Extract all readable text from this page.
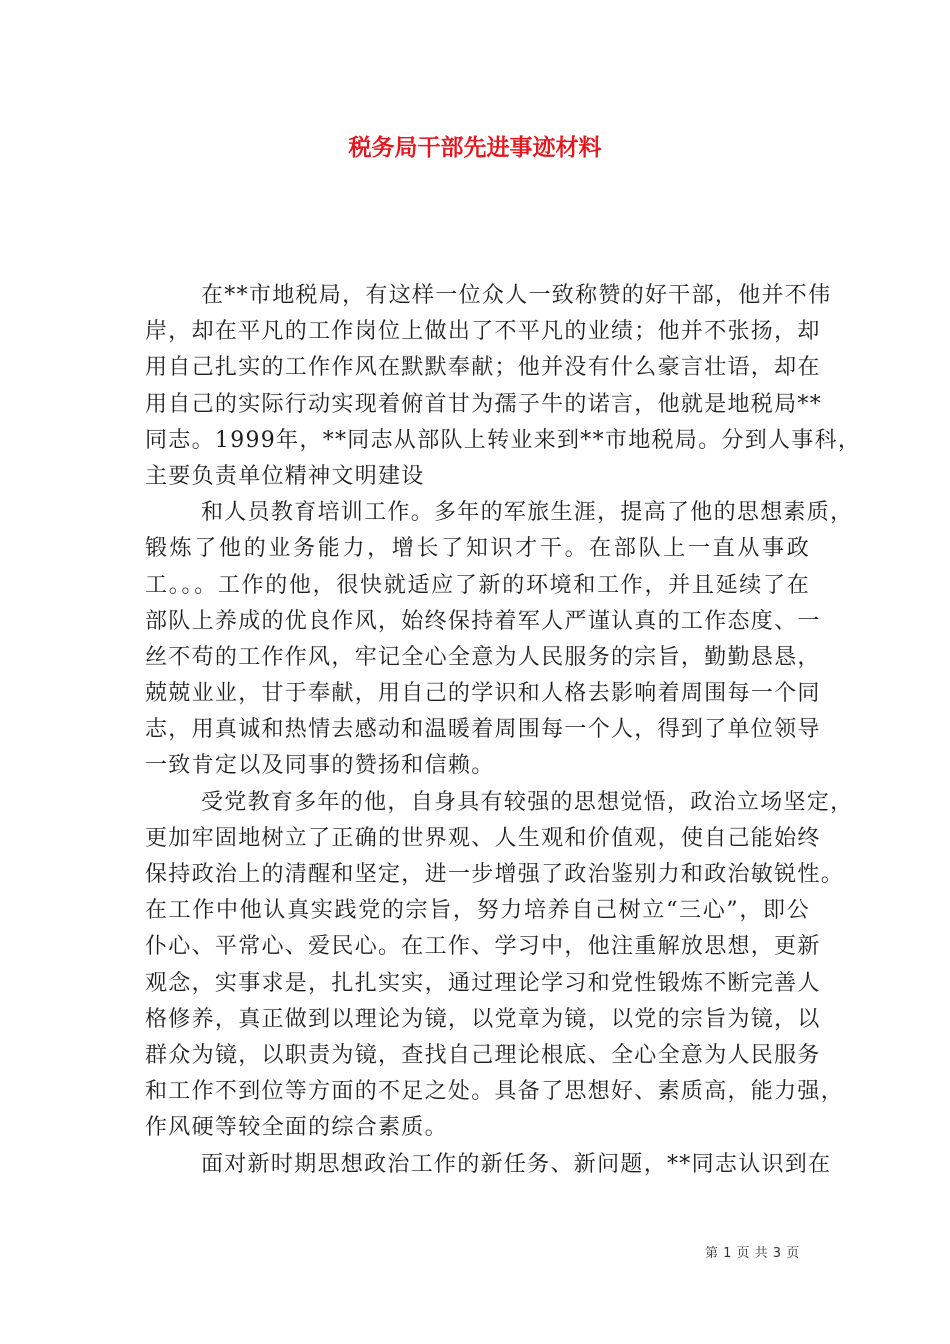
税务局干部先进事迹材料
在**市地税局，有这样一位众人一致称赞的好干部，他并不伟
岸，却在平凡的工作岗位上做出了不平凡的业绩；他并不张扬，却
用自己扎实的工作作风在默默奉献；他并没有什么豪言壮语，却在
用自己的实际行动实现着俯首甘为孺子牛的诺言，他就是地税局**
同志。1999年，**同志从部队上转业来到**市地税局。分到人事科，
主要负责单位精神文明建设
和人员教育培训工作。多年的军旅生涯，提高了他的思想素质，
锻炼了他的业务能力，增长了知识才干。在部队上一直从事政
工。。。工作的他，很快就适应了新的环境和工作，并且延续了在
部队上养成的优良作风，始终保持着军人严谨认真的工作态度、一
丝不苟的工作作风，牢记全心全意为人民服务的宗旨，勤勤恳恳，
兢兢业业，甘于奉献，用自己的学识和人格去影响着周围每一个同
志，用真诚和热情去感动和温暖着周围每一个人，得到了单位领导
一致肯定以及同事的赞扬和信赖。
受党教育多年的他，自身具有较强的思想觉悟，政治立场坚定，
更加牢固地树立了正确的世界观、人生观和价值观，使自己能始终
保持政治上的清醒和坚定，进一步增强了政治鉴别力和政治敏锐性。
在工作中他认真实践党的宗旨，努力培养自己树立“三心”，即公
仆心、平常心、爱民心。在工作、学习中，他注重解放思想，更新
观念，实事求是，扎扎实实，通过理论学习和党性锻炼不断完善人
格修养，真正做到以理论为镜，以党章为镜，以党的宗旨为镜，以
群众为镜，以职责为镜，查找自己理论根底、全心全意为人民服务
和工作不到位等方面的不足之处。具备了思想好、素质高，能力强，
作风硬等较全面的综合素质。
面对新时期思想政治工作的新任务、新问题，**同志认识到在
第 1 页 共 3 页
